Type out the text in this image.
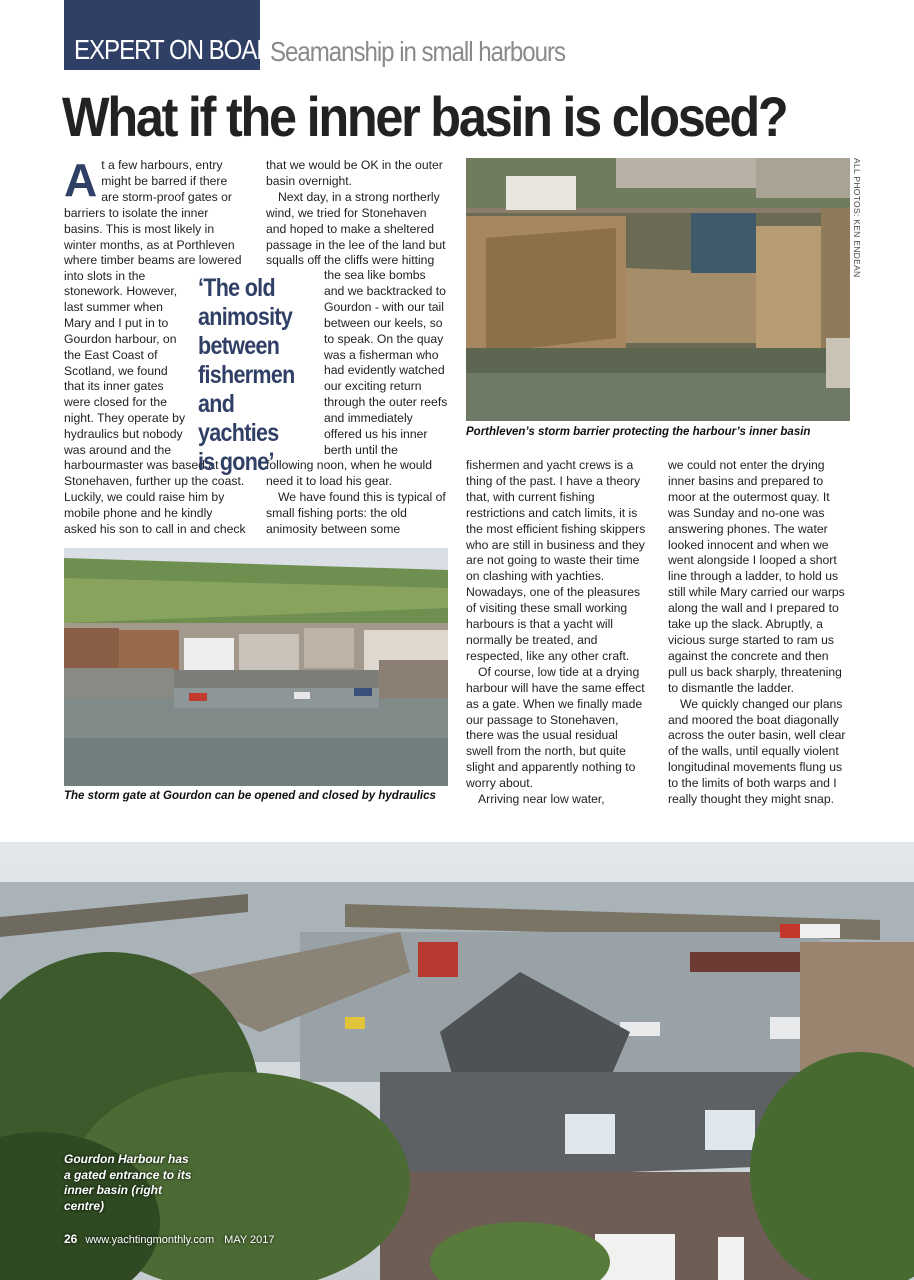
EXPERT ON BOARD
Seamanship in small harbours
What if the inner basin is closed?
ALL PHOTOS: KEN ENDEAN
A t a few harbours, entry might be barred if there are storm-proof gates or barriers to isolate the inner basins. This is most likely in winter months, as at Porthleven where timber beams are lowered into slots in the
stonework. However, last summer when Mary and I put in to Gourdon harbour, on the East Coast of Scotland, we found that its inner gates were closed for the night. They operate by hydraulics but nobody was around and the
harbourmaster was based at Stonehaven, further up the coast. Luckily, we could raise him by mobile phone and he kindly asked his son to call in and check

that we would be OK in the outer basin overnight.

Next day, in a strong northerly wind, we tried for Stonehaven and hoped to make a sheltered passage in the lee of the land but squalls off the cliffs were hitting

the sea like bombs and we backtracked to Gourdon - with our tail between our keels, so to speak. On the quay was a fisherman who had evidently watched our exciting return through the outer reefs and immediately offered us his inner berth until the

following noon, when he would need it to load his gear.

We have found this is typical of small fishing ports: the old animosity between some

‘The old animosity between fishermen and yachties is gone’
Porthleven’s storm barrier protecting the harbour’s inner basin
The storm gate at Gourdon can be opened and closed by hydraulics

fishermen and yacht crews is a thing of the past. I have a theory that, with current fishing restrictions and catch limits, it is the most efficient fishing skippers who are still in business and they are not going to waste their time on clashing with yachties. Nowadays, one of the pleasures of visiting these small working harbours is that a yacht will normally be treated, and respected, like any other craft.

Of course, low tide at a drying harbour will have the same effect as a gate. When we finally made our passage to Stonehaven, there was the usual residual swell from the north, but quite slight and apparently nothing to worry about.

Arriving near low water,

we could not enter the drying inner basins and prepared to moor at the outermost quay. It was Sunday and no-one was answering phones. The water looked innocent and when we went alongside I looped a short line through a ladder, to hold us still while Mary carried our warps along the wall and I prepared to take up the slack. Abruptly, a vicious surge started to ram us against the concrete and then pull us back sharply, threatening to dismantle the ladder.

We quickly changed our plans and moored the boat diagonally across the outer basin, well clear of the walls, until equally violent longitudinal movements flung us to the limits of both warps and I really thought they might snap.

Gourdon Harbour has a gated entrance to its inner basin (right centre)
26 www.yachtingmonthly.com MAY 2017
